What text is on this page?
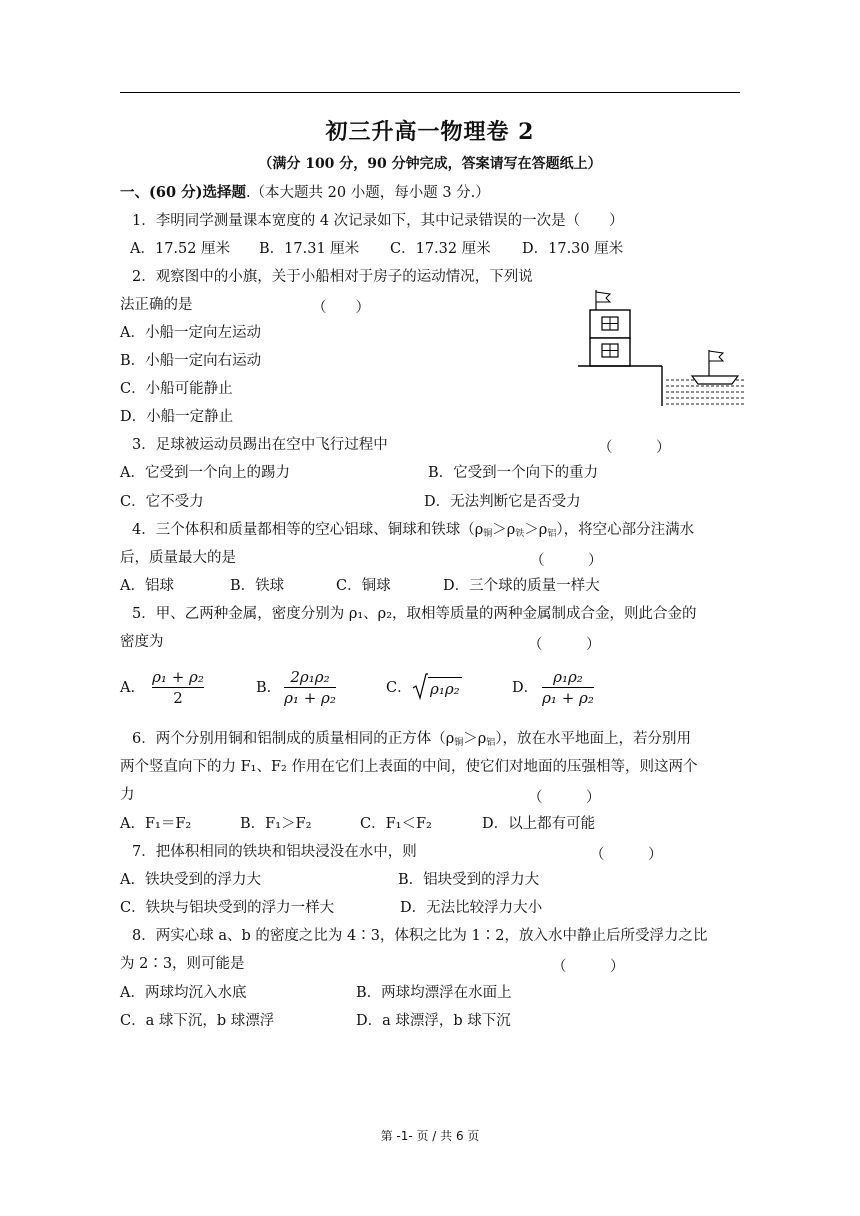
初三升高一物理卷 2
（满分 100 分，90 分钟完成，答案请写在答题纸上）
一、(60 分)选择题.（本大题共 20 小题，每小题 3 分.）
1．李明同学测量课本宽度的 4 次记录如下，其中记录错误的一次是（　　）
A．17.52 厘米 B．17.31 厘米 C．17.32 厘米 D．17.30 厘米
2．观察图中的小旗，关于小船相对于房子的运动情况，下列说
法正确的是	（　　）
A．小船一定向左运动
B．小船一定向右运动
C．小船可能静止
D．小船一定静止
3．足球被运动员踢出在空中飞行过程中	（　　　）
A．它受到一个向上的踢力	B．它受到一个向下的重力
C．它不受力	D．无法判断它是否受力
4．三个体积和质量都相等的空心铝球、铜球和铁球$(\rho_铜>\rho_铁>\rho_铝)$，将空心部分注满水
后，质量最大的是	（　　　）
A．铝球	B．铁球	C．铜球	D．三个球的质量一样大
5．甲、乙两种金属，密度分别为 ρ₁、ρ₂，取相等质量的两种金属制成合金，则此合金的
密度为	（　　　）
A．
ρ₁ + ρ₂
2
B．
2ρ₁ρ₂
ρ₁ + ρ₂
C． ρ₁ρ₂	D．
ρ₁ρ₂
ρ₁ + ρ₂
6．两个分别用铜和铝制成的质量相同的正方体$(\rho_铜>\rho_铝)$，放在水平地面上，若分别用
两个竖直向下的力 F₁、F₂ 作用在它们上表面的中间，使它们对地面的压强相等，则这两个
力	（　　　）
A．F₁＝F₂	B．F₁＞F₂	C．F₁＜F₂	D．以上都有可能
7．把体积相同的铁块和铝块浸没在水中，则	（　　　）
A．铁块受到的浮力大	B．铝块受到的浮力大
C．铁块与铝块受到的浮力一样大	D．无法比较浮力大小
8．两实心球 a、b 的密度之比为 4∶3，体积之比为 1∶2，放入水中静止后所受浮力之比
为 2∶3，则可能是	（　　　）
A．两球均沉入水底	B．两球均漂浮在水面上
C．a 球下沉，b 球漂浮	D．a 球漂浮，b 球下沉
第 -1- 页 / 共 6 页
